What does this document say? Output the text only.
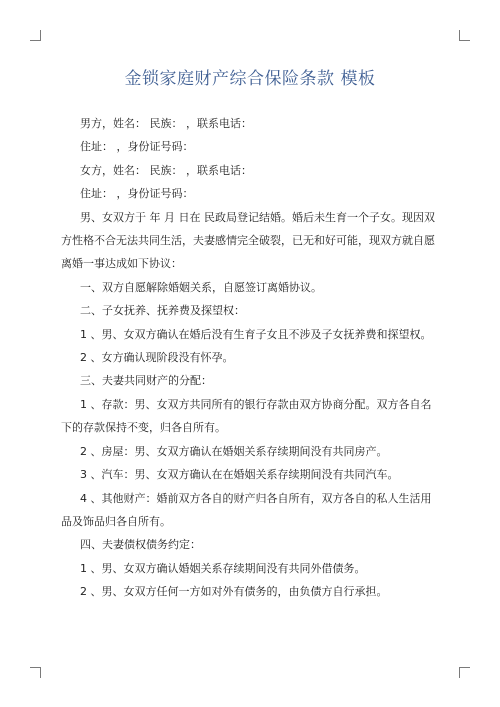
金锁家庭财产综合保险条款 模板

男方，姓名： 民族： ，联系电话：

住址： ，身份证号码：

女方，姓名： 民族： ，联系电话：

住址： ，身份证号码：

男、女双方于 年 月 日在 民政局登记结婚。婚后未生育一个子女。现因双方性格不合无法共同生活，夫妻感情完全破裂，已无和好可能，现双方就自愿离婚一事达成如下协议：

一、双方自愿解除婚姻关系，自愿签订离婚协议。

二、子女抚养、抚养费及探望权：

1 、男、女双方确认在婚后没有生育子女且不涉及子女抚养费和探望权。

2 、女方确认现阶段没有怀孕。

三、夫妻共同财产的分配：

1 、存款：男、女双方共同所有的银行存款由双方协商分配。双方各自名下的存款保持不变，归各自所有。

2 、房屋：男、女双方确认在婚姻关系存续期间没有共同房产。

3 、汽车：男、女双方确认在在婚姻关系存续期间没有共同汽车。

4 、其他财产：婚前双方各自的财产归各自所有，双方各自的私人生活用品及饰品归各自所有。

四、夫妻债权债务约定：

1 、男、女双方确认婚姻关系存续期间没有共同外借债务。

2 、男、女双方任何一方如对外有债务的，由负债方自行承担。
